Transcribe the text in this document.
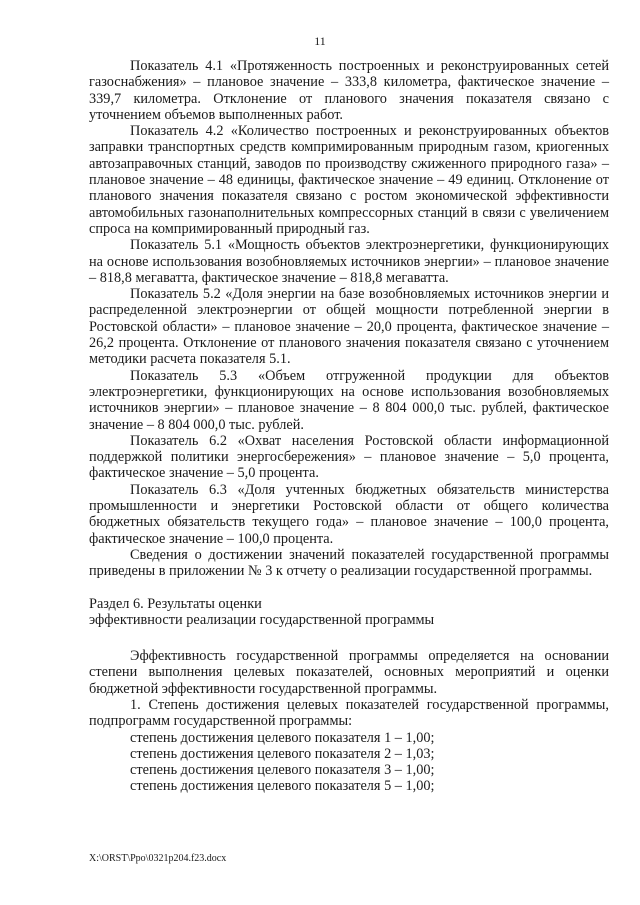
11

Показатель 4.1 «Протяженность построенных и реконструированных сетей газоснабжения» – плановое значение – 333,8 километра, фактическое значение – 339,7 километра. Отклонение от планового значения показателя связано с уточнением объемов выполненных работ.

Показатель 4.2 «Количество построенных и реконструированных объектов заправки транспортных средств компримированным природным газом, криогенных автозаправочных станций, заводов по производству сжиженного природного газа» – плановое значение – 48 единицы, фактическое значение – 49 единиц. Отклонение от планового значения показателя связано с ростом экономической эффективности автомобильных газонаполнительных компрессорных станций в связи с увеличением спроса на компримированный природный газ.

Показатель 5.1 «Мощность объектов электроэнергетики, функционирующих на основе использования возобновляемых источников энергии» – плановое значение – 818,8 мегаватта, фактическое значение – 818,8 мегаватта.

Показатель 5.2 «Доля энергии на базе возобновляемых источников энергии и распределенной электроэнергии от общей мощности потребленной энергии в Ростовской области» – плановое значение – 20,0 процента, фактическое значение – 26,2 процента. Отклонение от планового значения показателя связано с уточнением методики расчета показателя 5.1.

Показатель 5.3 «Объем отгруженной продукции для объектов электроэнергетики, функционирующих на основе использования возобновляемых источников энергии» – плановое значение – 8 804 000,0 тыс. рублей, фактическое значение – 8 804 000,0 тыс. рублей.

Показатель 6.2 «Охват населения Ростовской области информационной поддержкой политики энергосбережения» – плановое значение – 5,0 процента, фактическое значение – 5,0 процента.

Показатель 6.3 «Доля учтенных бюджетных обязательств министерства промышленности и энергетики Ростовской области от общего количества бюджетных обязательств текущего года» – плановое значение – 100,0 процента, фактическое значение – 100,0 процента.

Сведения о достижении значений показателей государственной программы приведены в приложении № 3 к отчету о реализации государственной программы.

Раздел 6. Результаты оценки
эффективности реализации государственной программы

Эффективность государственной программы определяется на основании степени выполнения целевых показателей, основных мероприятий и оценки бюджетной эффективности государственной программы.

1. Степень достижения целевых показателей государственной программы, подпрограмм государственной программы:

степень достижения целевого показателя 1 – 1,00;

степень достижения целевого показателя 2 – 1,03;

степень достижения целевого показателя 3 – 1,00;

степень достижения целевого показателя 5 – 1,00;

X:\ORST\Ppo\0321p204.f23.docx
